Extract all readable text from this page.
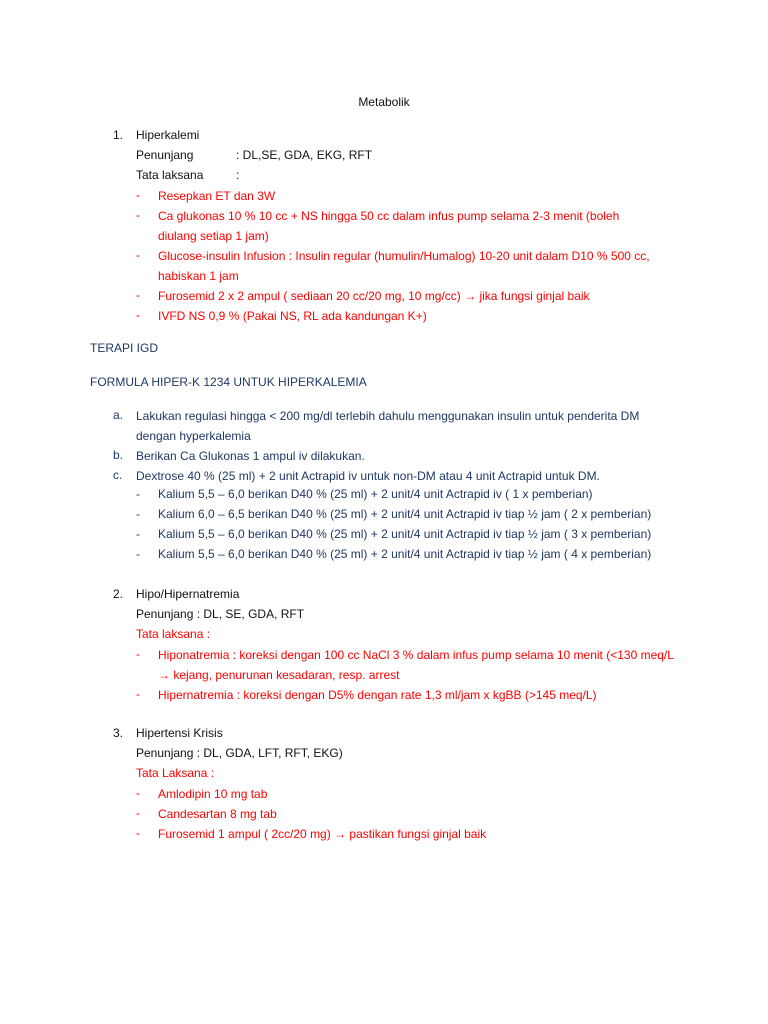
Metabolik
1. Hiperkalemi
Penunjang	: DL,SE, GDA, EKG, RFT
Tata laksana	:
- Resepkan ET dan 3W
- Ca glukonas 10 % 10 cc + NS hingga 50 cc dalam infus pump selama 2-3 menit (boleh diulang setiap 1 jam)
- Glucose-insulin Infusion : Insulin regular (humulin/Humalog) 10-20 unit dalam D10 % 500 cc, habiskan 1 jam
- Furosemid 2 x 2 ampul ( sediaan 20 cc/20 mg, 10 mg/cc) → jika fungsi ginjal baik
- IVFD NS 0,9 % (Pakai NS, RL ada kandungan K+)
TERAPI IGD
FORMULA HIPER-K 1234 UNTUK HIPERKALEMIA
a. Lakukan regulasi hingga < 200 mg/dl terlebih dahulu menggunakan insulin untuk penderita DM dengan hyperkalemia
b. Berikan Ca Glukonas 1 ampul iv dilakukan.
c. Dextrose 40 % (25 ml) + 2 unit Actrapid iv untuk non-DM atau 4 unit Actrapid untuk DM.
- Kalium 5,5 – 6,0 berikan D40 % (25 ml) + 2 unit/4 unit Actrapid iv ( 1 x pemberian)
- Kalium 6,0 – 6,5 berikan D40 % (25 ml) + 2 unit/4 unit Actrapid iv tiap ½ jam ( 2 x pemberian)
- Kalium 5,5 – 6,0 berikan D40 % (25 ml) + 2 unit/4 unit Actrapid iv tiap ½ jam ( 3 x pemberian)
- Kalium 5,5 – 6,0 berikan D40 % (25 ml) + 2 unit/4 unit Actrapid iv tiap ½ jam ( 4 x pemberian)
2. Hipo/Hipernatremia
Penunjang : DL, SE, GDA, RFT
Tata laksana :
- Hiponatremia : koreksi dengan 100 cc NaCl 3 % dalam infus pump selama 10 menit (<130 meq/L → kejang, penurunan kesadaran, resp. arrest
- Hipernatremia : koreksi dengan D5% dengan rate 1,3 ml/jam x kgBB (>145 meq/L)
3. Hipertensi Krisis
Penunjang : DL, GDA, LFT, RFT, EKG)
Tata Laksana :
- Amlodipin 10 mg tab
- Candesartan 8 mg tab
- Furosemid 1 ampul ( 2cc/20 mg) → pastikan fungsi ginjal baik
